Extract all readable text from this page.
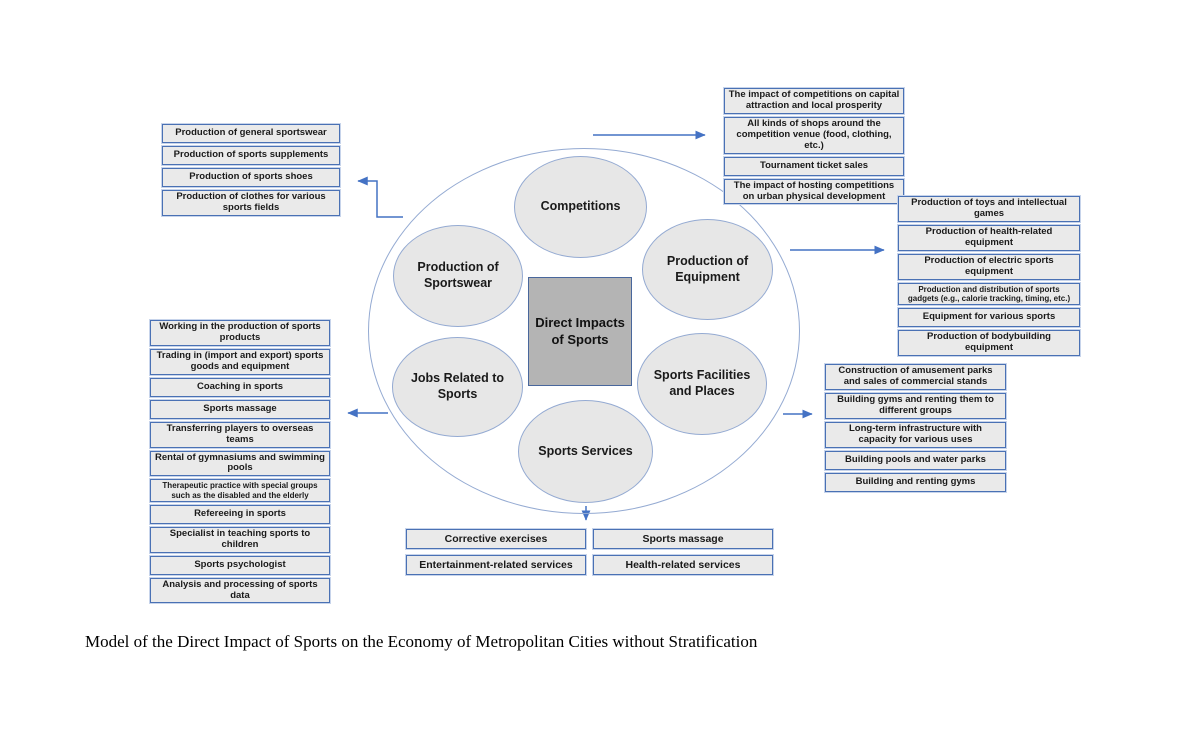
Competitions
Production of Sportswear
Production of Equipment
Jobs Related to Sports
Sports Facilities and Places
Sports Services
Direct Impacts of Sports
Production of general sportswear
Production of sports supplements
Production of sports shoes
Production of clothes for various sports fields
The impact of competitions on capital attraction and local prosperity
All kinds of shops around the competition venue (food, clothing, etc.)
Tournament ticket sales
The impact of hosting competitions on urban physical development
Production of toys and intellectual games
Production of health-related equipment
Production of electric sports equipment
Production and distribution of sports gadgets (e.g., calorie tracking, timing, etc.)
Equipment for various sports
Production of bodybuilding equipment
Working in the production of sports products
Trading in (import and export) sports goods and equipment
Coaching in sports
Sports massage
Transferring players to overseas teams
Rental of gymnasiums and swimming pools
Therapeutic practice with special groups such as the disabled and the elderly
Refereeing in sports
Specialist in teaching sports to children
Sports psychologist
Analysis and processing of sports data
Construction of amusement parks and sales of commercial stands
Building gyms and renting them to different groups
Long-term infrastructure with capacity for various uses
Building pools and water parks
Building and renting gyms
Corrective exercises
Entertainment-related services
Sports massage
Health-related services
Model of the Direct Impact of Sports on the Economy of Metropolitan Cities without Stratification
